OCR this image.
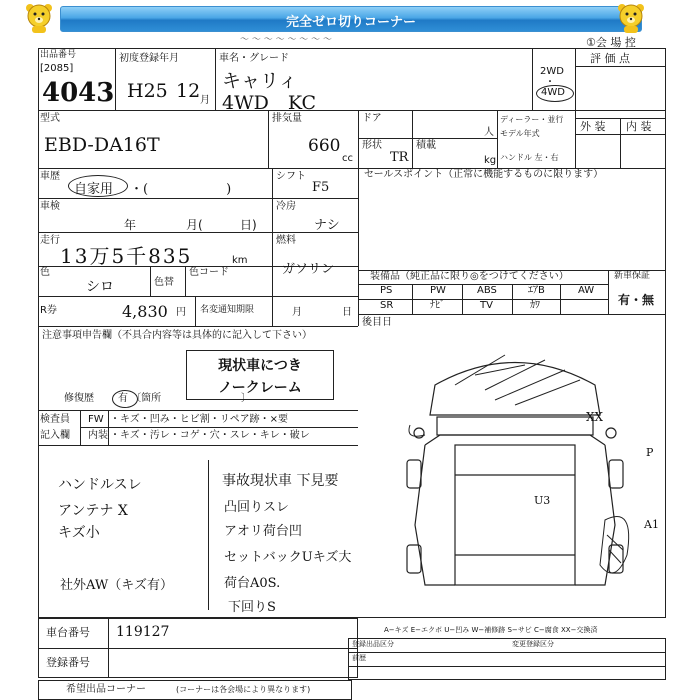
完全ゼロ切りコーナー
〜 〜 〜 〜 〜 〜 〜 〜	①会 場 控
出品番号
[2085]
4043
初度登録年月
H25 12 月
車名・グレード
キャリィ
4WD　KC
2WD
・
4WD
評 価 点
型式
EBD-DA16T
排気量
660
cc
ドア
人
形状
TR
積載
kg
ディーラー・並行
モデル年式
ハンドル 左・右
外 装 内 装
車歴
自家用 ・(　　　　　　)
シフト
F5
セールスポイント（正常に機能するものに限ります）
車検
年	月(	日)
冷房
ナシ
走行
13万5千835	km
燃料
ガソリン
色
シロ	色替
色コード
R券	4,830 円 名変通知期限	月	日
装備品（純正品に限り◎をつけてください）	新車保証
PS	PW	ABS	ｴｱB	AW
SR	ﾅﾋﾞ	TV	ｶﾜ	有・無
後目日
注意事項申告欄（不具合内容等は具体的に記入して下さい）
現状車につき
ノークレーム
修復歴 有 〔箇所　　　　　　　　〕
検査員 FW ・キズ・凹み・ヒビ割・リペア跡・×要
記入欄 内装 ・キズ・汚レ・コゲ・穴・スレ・キレ・破レ
ハンドルスレ
アンテナ X
キズ小
社外AW（キズ有）
事故現状車 下見要
凸回りスレ
アオリ荷台凹
セットバックUキズ大
荷台A0S.
下回りS
U3
XX
A1
P
A−キズ E−エクボ U−凹み W−補修跡 S−サビ C−腐食 XX−交換済
車台番号 119127
登録番号
登録出品区分	変更登録区分
前歴
希望出品コーナー	(コーナーは各会場により異なります)
